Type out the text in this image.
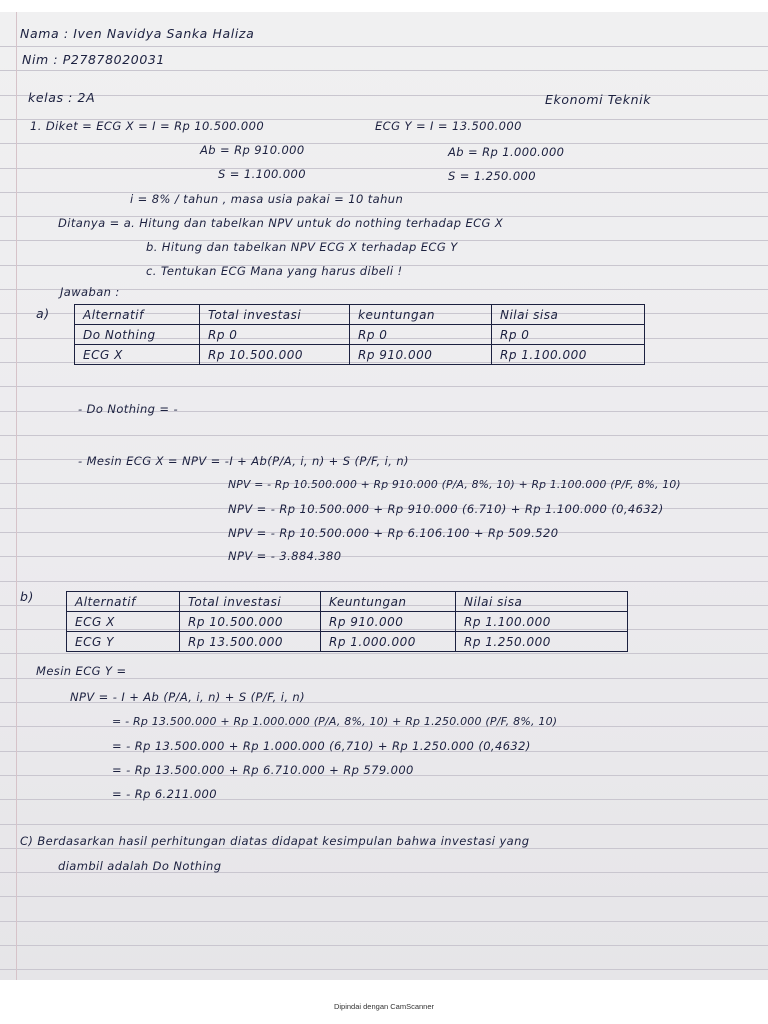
Nama : Iven Navidya Sanka Haliza
Nim : P27878020031
kelas : 2A	Ekonomi Teknik
1. Diket = ECG X = I = Rp 10.500.000	ECG Y = I = 13.500.000
Ab = Rp 910.000	Ab = Rp 1.000.000
S = 1.100.000	S = 1.250.000
i = 8% / tahun , masa usia pakai = 10 tahun
Ditanya = a. Hitung dan tabelkan NPV untuk do nothing terhadap ECG X
b. Hitung dan tabelkan NPV ECG X terhadap ECG Y
c. Tentukan ECG Mana yang harus dibeli !
Jawaban :
a)	Alternatif	Total investasi	keuntungan	Nilai sisa
Do Nothing	Rp 0	Rp 0	Rp 0
ECG X	Rp 10.500.000	Rp 910.000	Rp 1.100.000
- Do Nothing = -
- Mesin ECG X = NPV = -I + Ab(P/A, i, n) + S (P/F, i, n)
NPV = - Rp 10.500.000 + Rp 910.000 (P/A, 8%, 10) + Rp 1.100.000 (P/F, 8%, 10)
NPV = - Rp 10.500.000 + Rp 910.000 (6.710) + Rp 1.100.000 (0,4632)
NPV = - Rp 10.500.000 + Rp 6.106.100 + Rp 509.520
NPV = - 3.884.380
b)	Alternatif	Total investasi	Keuntungan	Nilai sisa
ECG X	Rp 10.500.000	Rp 910.000	Rp 1.100.000
ECG Y	Rp 13.500.000	Rp 1.000.000	Rp 1.250.000
Mesin ECG Y =
NPV = - I + Ab (P/A, i, n) + S (P/F, i, n)
= - Rp 13.500.000 + Rp 1.000.000 (P/A, 8%, 10) + Rp 1.250.000 (P/F, 8%, 10)
= - Rp 13.500.000 + Rp 1.000.000 (6,710) + Rp 1.250.000 (0,4632)
= - Rp 13.500.000 + Rp 6.710.000 + Rp 579.000
= - Rp 6.211.000
C) Berdasarkan hasil perhitungan diatas didapat kesimpulan bahwa investasi yang
diambil adalah Do Nothing
Dipindai dengan CamScanner
